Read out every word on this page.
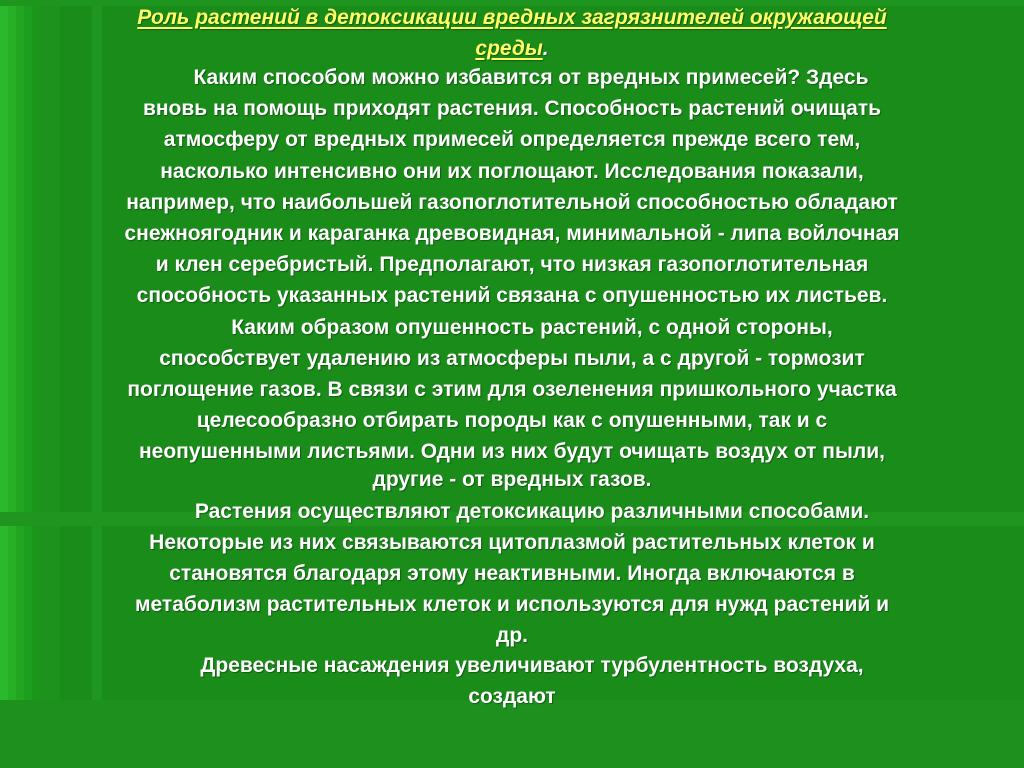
Роль растений в детоксикации вредных загрязнителей окружающей
среды.
Каким способом можно избавится от вредных примесей? Здесь
вновь на помощь приходят растения. Способность растений очищать
атмосферу от вредных примесей определяется прежде всего тем,
насколько интенсивно они их поглощают. Исследования показали,
например, что наибольшей газопоглотительной способностью обладают
снежноягодник и караганка древовидная, минимальной - липа войлочная
и клен серебристый. Предполагают, что низкая газопоглотительная
способность указанных растений связана с опушенностью их листьев.
Каким образом опушенность растений, с одной стороны,
способствует удалению из атмосферы пыли, а с другой - тормозит
поглощение газов. В связи с этим для озеленения пришкольного участка
целесообразно отбирать породы как с опушенными, так и с
неопушенными листьями. Одни из них будут очищать воздух от пыли,
другие - от вредных газов.
Растения осуществляют детоксикацию различными способами.
Некоторые из них связываются цитоплазмой растительных клеток и
становятся благодаря этому неактивными. Иногда включаются в
метаболизм растительных клеток и используются для нужд растений и
др.
Древесные насаждения увеличивают турбулентность воздуха,
создают
